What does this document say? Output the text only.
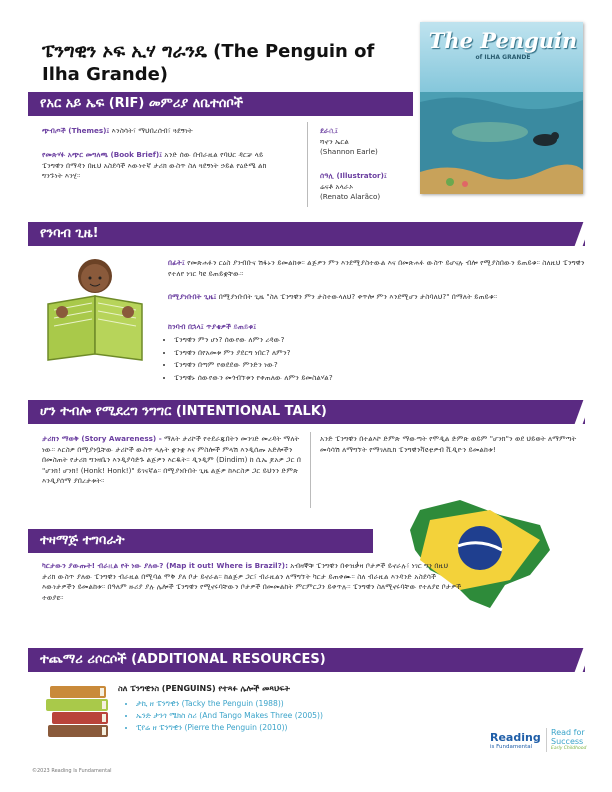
ፔንግዊን ኦፍ ኢሃ ግራንዴ (The Penguin of Ilha Grande)
The Penguin
of ILHA GRANDE
የአር አይ ኤፍ (RIF) መምሪያ ለቤተሰቦች
ጭብጦች (Themes)፤ እንስሳት፣ ማህበረሰብ፣ ጓደኝነት
የመጽሃፉ አጭር መግለጫ (Book Brief)፤ አንድ ሰው በብራዚል የባህር ዳርቻ ላይ ፔንግዊን በማዳን በዚህ አስደሳች እውነተኛ ታሪክ ውስጥ ስለ ጓደኝነት ኃይል የዕድሜ ልክ ግንኙነት እንሂ።
ደራሲ፤
ሻኖን ኤርል
(Shannon Earle)
ሰዓሊ (Illustrator)፤
ሬናቶ አላራኦ
(Renato Alarãco)
የንባብ ጊዜ!
በፊት፤ የመጽሐፉን ርዕስ ያንብቡና ሽፋኑን ይመልከቱ። ልጅዎን ምን እንደሚያስተውል እና በመጽሐፉ ውስጥ ይሆናሉ ብሎ የሚያስበውን ይጠይቁ። ስለዚህ ፔንግዊን የተለየ ነገር ካዩ ይጠይቋቸው።
በሚያነቡበት ጊዜ፤ በሚያነቡበት ጊዜ "ስለ ፔንግዊን ምን ታስተውላለህ? ቀጥሎ ምን እንደሚሆን ታስባለህ?" በማለት ይጠይቁ።
ከንባብ በኋላ፤ ጥያቄዎች ይጠይቁ፤
• ፔንግዊን ምን ሆነ? ሰውየው ለምን ረዳው?
• ፔንግዊን በየአመቱ ምን ያደርግ ነበር? ለምን?
• ፔንግዊን በጣም የወደደው ምንድን ነው?
• ፔንግዊኑ ሰውየውን መጎብኘቱን የቀጠለው ለምን ይመስልሃል?
ሆን ተብሎ የሚደረግ ንግግር (INTENTIONAL TALK)
ታሪክን ማወቅ (Story Awareness) - ማለት ታሪኮች የተደራጁበትን መንገድ መረዳት ማለት ነው። እርስዎ በሚያነቧቸው ታሪኮች ውስጥ ላሉት ቋንቋ እና ምስሎች ምላሽ እንዲሰጡ አድሎችን በመስጠት የታሪክ ግንዛቤን እንዲያሳድጉ ልጅዎን እርዱት። ዲንዲም (Dindim) ከ ሲኤ ጆአዎ ጋር በ "ሆንክ! ሆንክ! (Honk! Honk!)" ይገናኛል። በሚያነቡበት ጊዜ ልጅዎ ከእርስዎ ጋር ይህንን ድምጽ እንዲያሰማ ያበረታቱት።
አንድ ፔንግዊን በተልእኮ ድምጽ ማውጣት የሞዲል ድምጽ ወይም "ሆንክ"ን ወደ ህይወት ለማምጣት መሳሳሽ ለማግኘት የማገለኪክ ፔንግዊንቫዩቲዎብ ቪዲዮን ይመልከቱ!
ተዛማጅ ተግባራት
ካርታውን ያውጡት! ብራዚል የት ነው ያለው? (Map it out! Where is Brazil?): አብዛኞቹ ፔንግዊን በቀዝቃዛ ቦታዎች ይኖራሉ፣ ነገር ግን በዚህ ታሪክ ውስጥ ያለው ፔንግዊን ብራዚል በሚባል ሞቅ ያለ ቦታ ይኖራል። ከልጅዎ ጋር፣ ብራዚልን ለማግኘት ካርታ ይጠቀሙ። ስለ ብራዚል እንዳንድ አስደሳች እውነታዎችን ይመልከቱ። በዓለም ዙሪያ ያሉ ሌሎች ፔንግዊን የሚኖሩባቸውን ቦታዎች በመመልከት ምርምርጋን ይቀጥሉ። ፔንግዊን ስለሚኖሩባቸው የተለያዩ ቦታዎች ተወያዩ።
ተጨማሪ ሪሶርሶች (ADDITIONAL RESOURCES)
ስለ ፔንግዊንስ (PENGUINS) የተጻፉ ሌሎች መጻህፍት
• ታኪ ዘ ፔንግዊን (Tacky the Penguin (1988))
• ኤንድ ታንጎ ሜክስ ስሪ (And Tango Makes Three (2005))
• ፒየሬ ዘ ፔንግዊን (Pierre the Penguin (2010))
©2023 Reading Is Fundamental
Reading
is Fundamental
Read for
Success
Early Childhood
